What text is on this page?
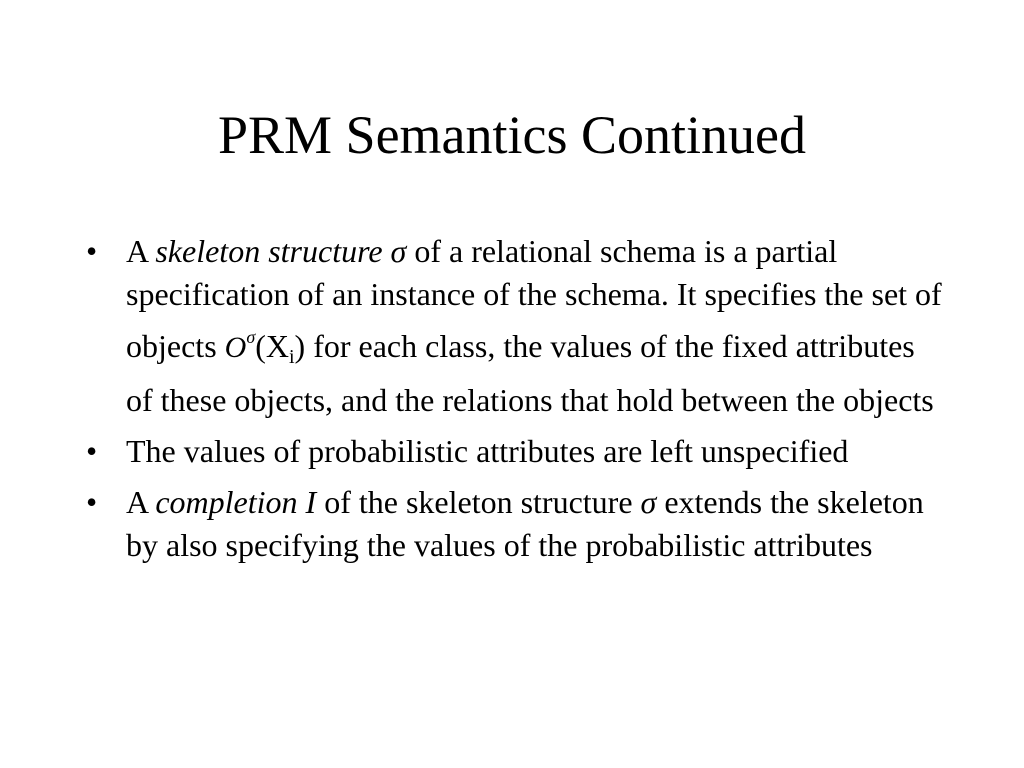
PRM Semantics Continued
• A skeleton structure σ of a relational schema is a partial specification of an instance of the schema. It specifies the set of objects $O^\sigma(X_i)$ for each class, the values of the fixed attributes of these objects, and the relations that hold between the objects
• The values of probabilistic attributes are left unspecified
• A completion I of the skeleton structure σ extends the skeleton by also specifying the values of the probabilistic attributes
